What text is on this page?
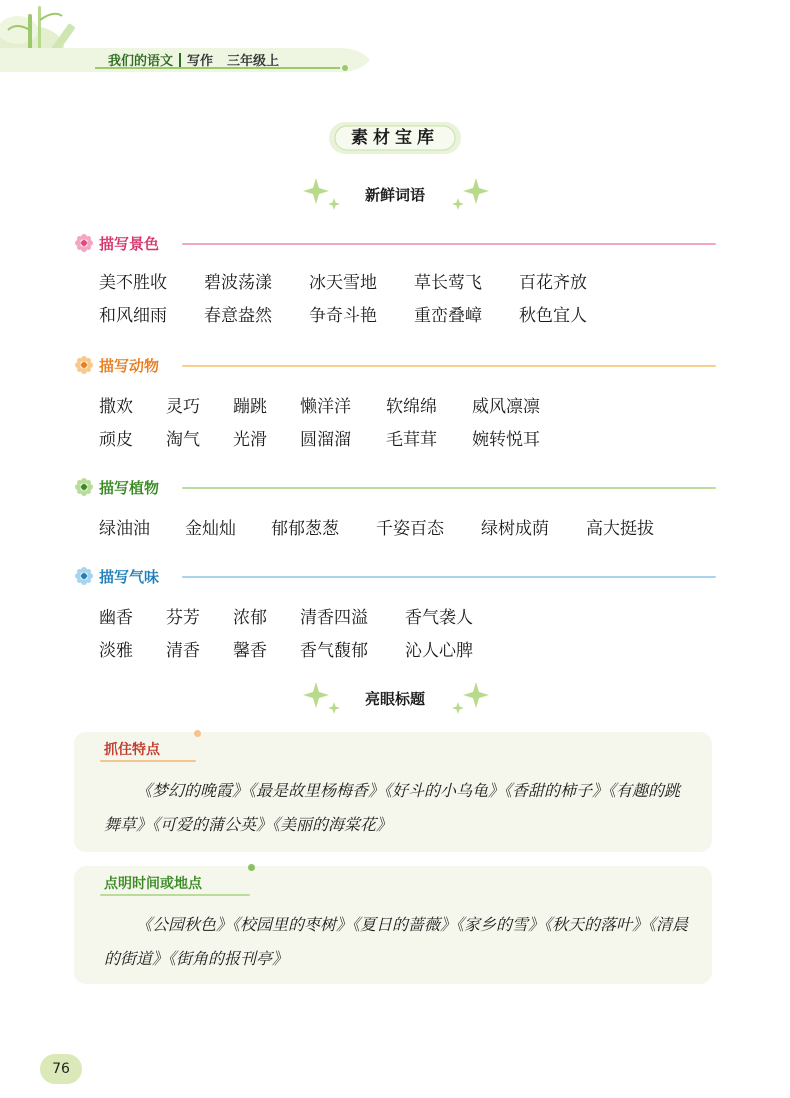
我们的语文 写作 三年级上
素材宝库
新鲜词语
描写景色
美不胜收 碧波荡漾 冰天雪地 草长莺飞 百花齐放
和风细雨 春意盎然 争奇斗艳 重峦叠嶂 秋色宜人
描写动物
撒欢 灵巧 蹦跳 懒洋洋 软绵绵 威风凛凛
顽皮 淘气 光滑 圆溜溜 毛茸茸 婉转悦耳
描写植物
绿油油 金灿灿 郁郁葱葱 千姿百态 绿树成荫 高大挺拔
描写气味
幽香 芬芳 浓郁 清香四溢 香气袭人
淡雅 清香 馨香 香气馥郁 沁人心脾
亮眼标题
抓住特点
《梦幻的晚霞》《最是故里杨梅香》《好斗的小乌龟》《香甜的柿子》《有趣的跳舞草》《可爱的蒲公英》《美丽的海棠花》
点明时间或地点
《公园秋色》《校园里的枣树》《夏日的蔷薇》《家乡的雪》《秋天的落叶》《清晨的街道》《街角的报刊亭》
76
